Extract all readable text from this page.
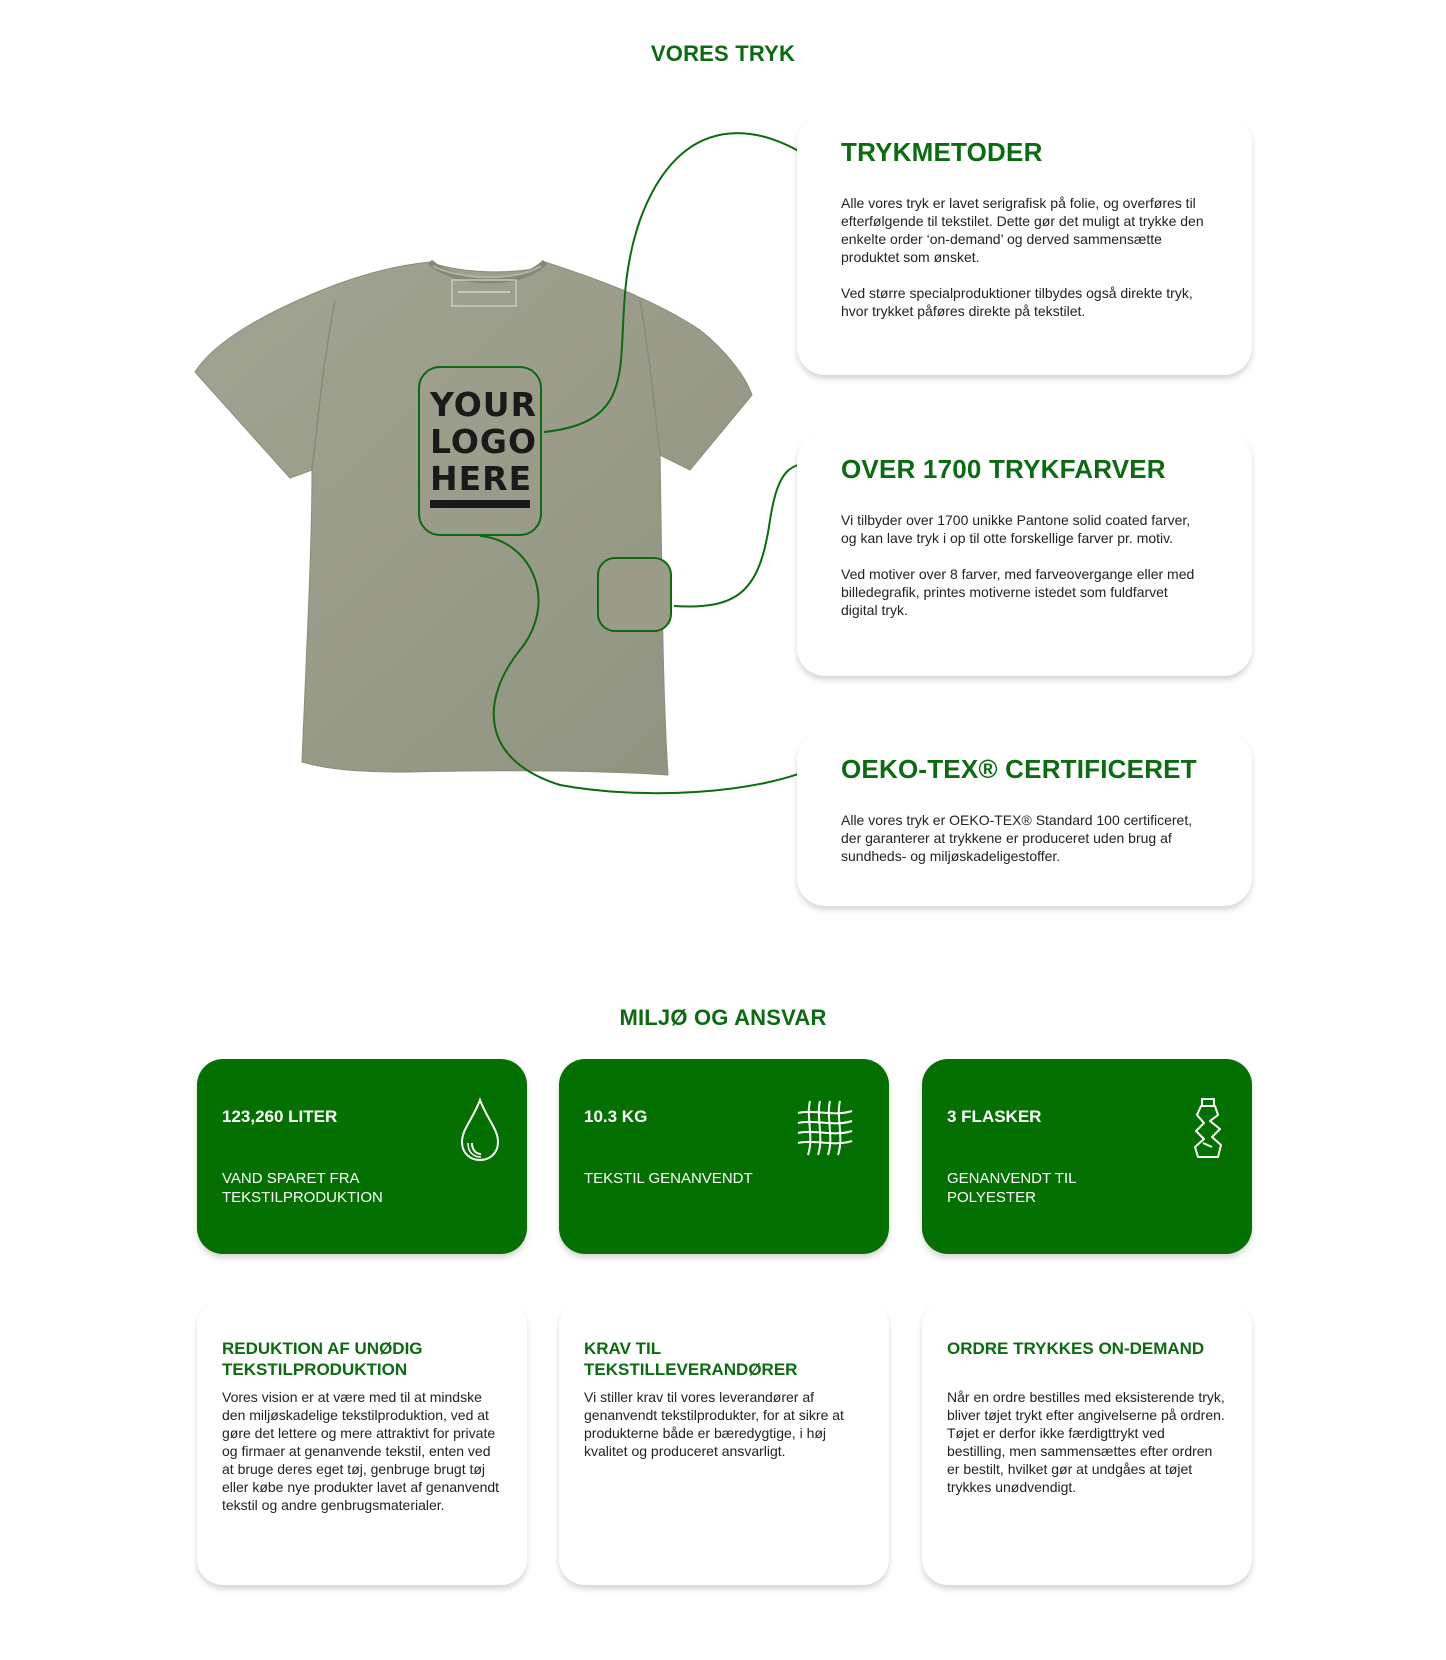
VORES TRYK
YOUR
LOGO
HERE
TRYKMETODER

Alle vores tryk er lavet serigrafisk på folie, og overføres til efterfølgende til tekstilet. Dette gør det muligt at trykke den enkelte order ‘on-demand’ og derved sammensætte produktet som ønsket.

Ved større specialproduktioner tilbydes også direkte tryk, hvor trykket påføres direkte på tekstilet.

OVER 1700 TRYKFARVER

Vi tilbyder over 1700 unikke Pantone solid coated farver, og kan lave tryk i op til otte forskellige farver pr. motiv.

Ved motiver over 8 farver, med farveovergange eller med billedegrafik, printes motiverne istedet som fuldfarvet digital tryk.

OEKO-TEX® CERTIFICERET

Alle vores tryk er OEKO-TEX® Standard 100 certificeret, der garanterer at trykkene er produceret uden brug af sundheds- og miljøskadeligestoffer.

MILJØ OG ANSVAR
123,260 LITER
VAND SPARET FRA TEKSTILPRODUKTION
10.3 KG
TEKSTIL GENANVENDT
3 FLASKER
GENANVENDT TIL POLYESTER
REDUKTION AF UNØDIG TEKSTILPRODUKTION

Vores vision er at være med til at mindske den miljøskadelige tekstilproduktion, ved at gøre det lettere og mere attraktivt for private og firmaer at genanvende tekstil, enten ved at bruge deres eget tøj, genbruge brugt tøj eller købe nye produkter lavet af genanvendt tekstil og andre genbrugsmaterialer.

KRAV TIL TEKSTILLEVERANDØRER

Vi stiller krav til vores leverandører af genanvendt tekstilprodukter, for at sikre at produkterne både er bæredygtige, i høj kvalitet og produceret ansvarligt.

ORDRE TRYKKES ON-DEMAND

Når en ordre bestilles med eksisterende tryk, bliver tøjet trykt efter angivelserne på ordren. Tøjet er derfor ikke færdigttrykt ved bestilling, men sammensættes efter ordren er bestilt, hvilket gør at undgåes at tøjet trykkes unødvendigt.
